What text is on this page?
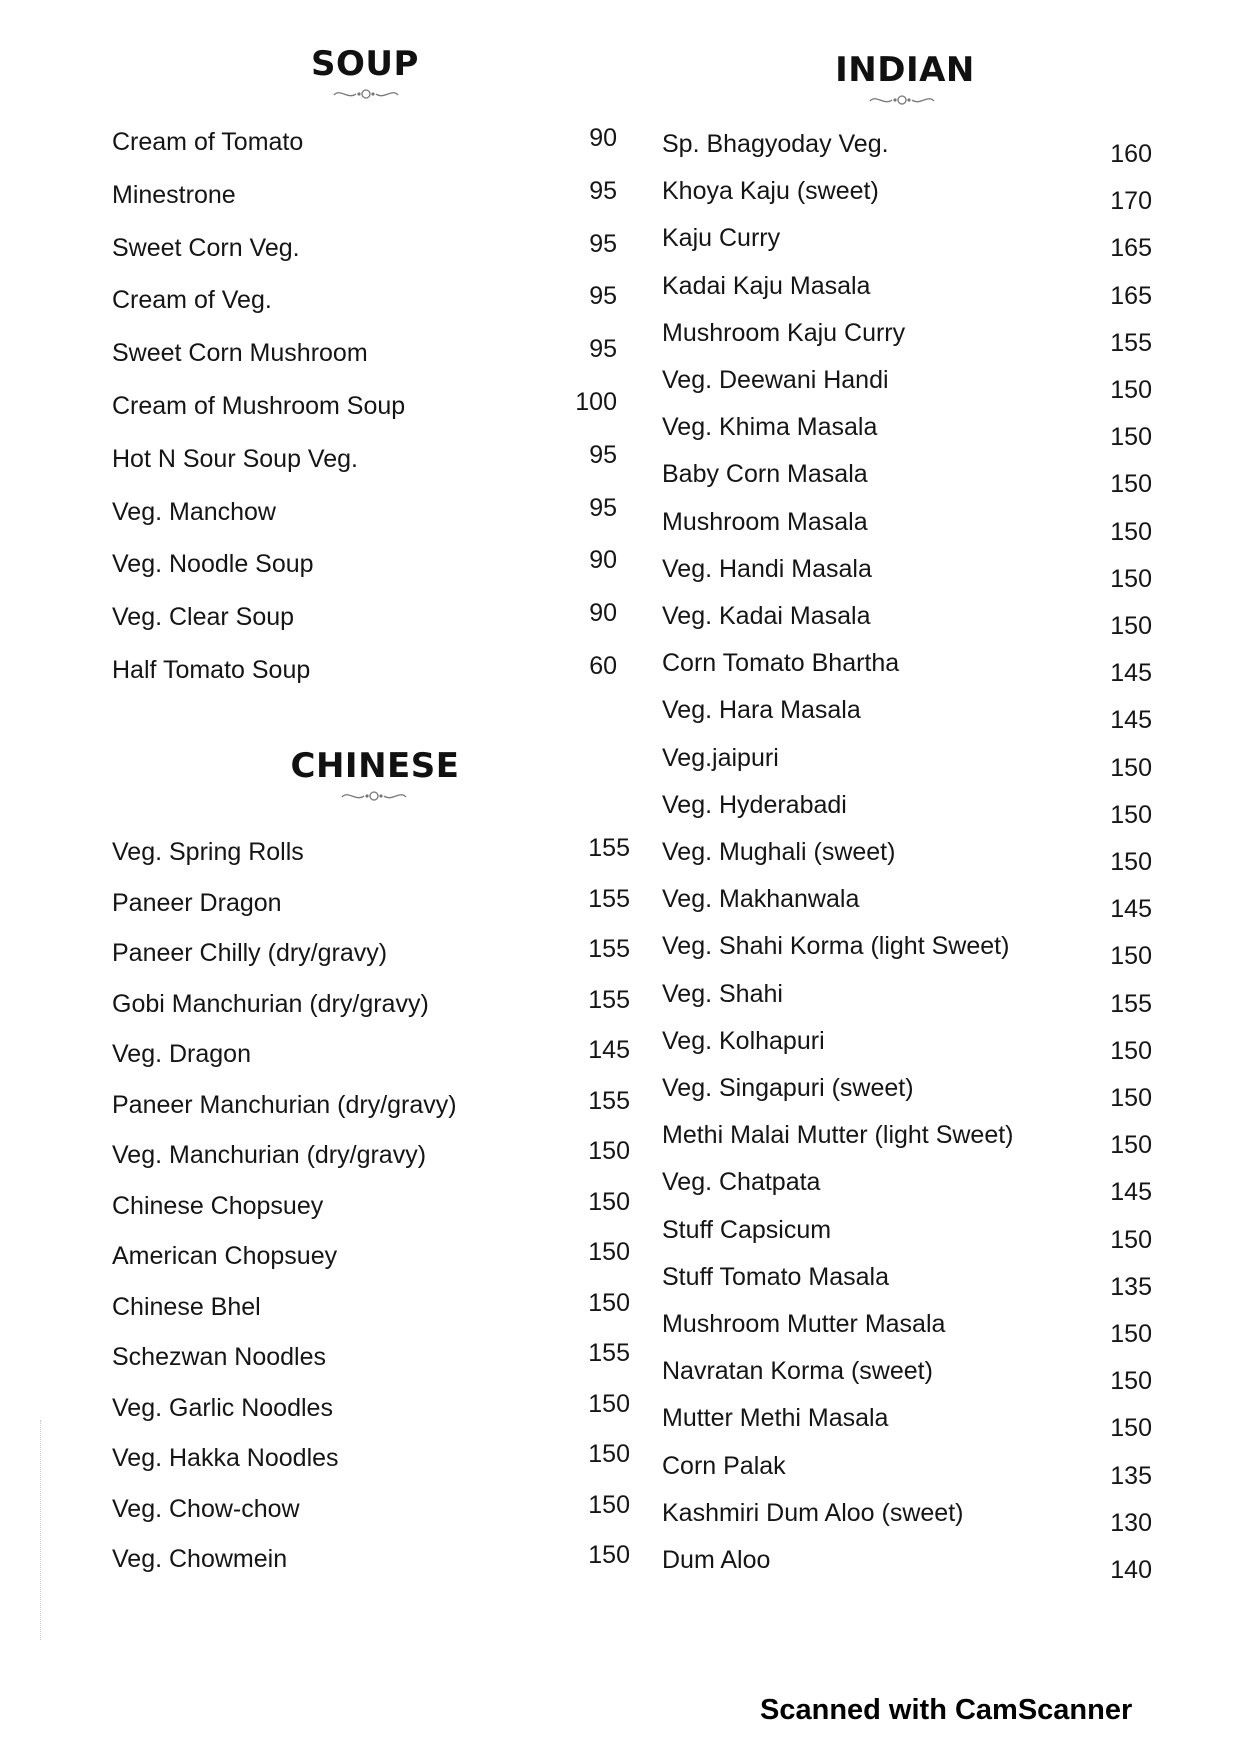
SOUP
Cream of Tomato	90
Minestrone	95
Sweet Corn Veg.	95
Cream of Veg.	95
Sweet Corn Mushroom	95
Cream of Mushroom Soup	100
Hot N Sour Soup Veg.	95
Veg. Manchow	95
Veg. Noodle Soup	90
Veg. Clear Soup	90
Half Tomato Soup	60
CHINESE
Veg. Spring Rolls	155
Paneer Dragon	155
Paneer Chilly (dry/gravy)	155
Gobi Manchurian (dry/gravy)	155
Veg. Dragon	145
Paneer Manchurian (dry/gravy)	155
Veg. Manchurian (dry/gravy)	150
Chinese Chopsuey	150
American Chopsuey	150
Chinese Bhel	150
Schezwan Noodles	155
Veg. Garlic Noodles	150
Veg. Hakka Noodles	150
Veg. Chow-chow	150
Veg. Chowmein	150
INDIAN
Sp. Bhagyoday Veg.	160
Khoya Kaju (sweet)	170
Kaju Curry	165
Kadai Kaju Masala	165
Mushroom Kaju Curry	155
Veg. Deewani Handi	150
Veg. Khima Masala	150
Baby Corn Masala	150
Mushroom Masala	150
Veg. Handi Masala	150
Veg. Kadai Masala	150
Corn Tomato Bhartha	145
Veg. Hara Masala	145
Veg.jaipuri	150
Veg. Hyderabadi	150
Veg. Mughali (sweet)	150
Veg. Makhanwala	145
Veg. Shahi Korma (light Sweet)	150
Veg. Shahi	155
Veg. Kolhapuri	150
Veg. Singapuri (sweet)	150
Methi Malai Mutter (light Sweet)	150
Veg. Chatpata	145
Stuff Capsicum	150
Stuff Tomato Masala	135
Mushroom Mutter Masala	150
Navratan Korma (sweet)	150
Mutter Methi Masala	150
Corn Palak	135
Kashmiri Dum Aloo (sweet)	130
Dum Aloo	140
Scanned with CamScanner
